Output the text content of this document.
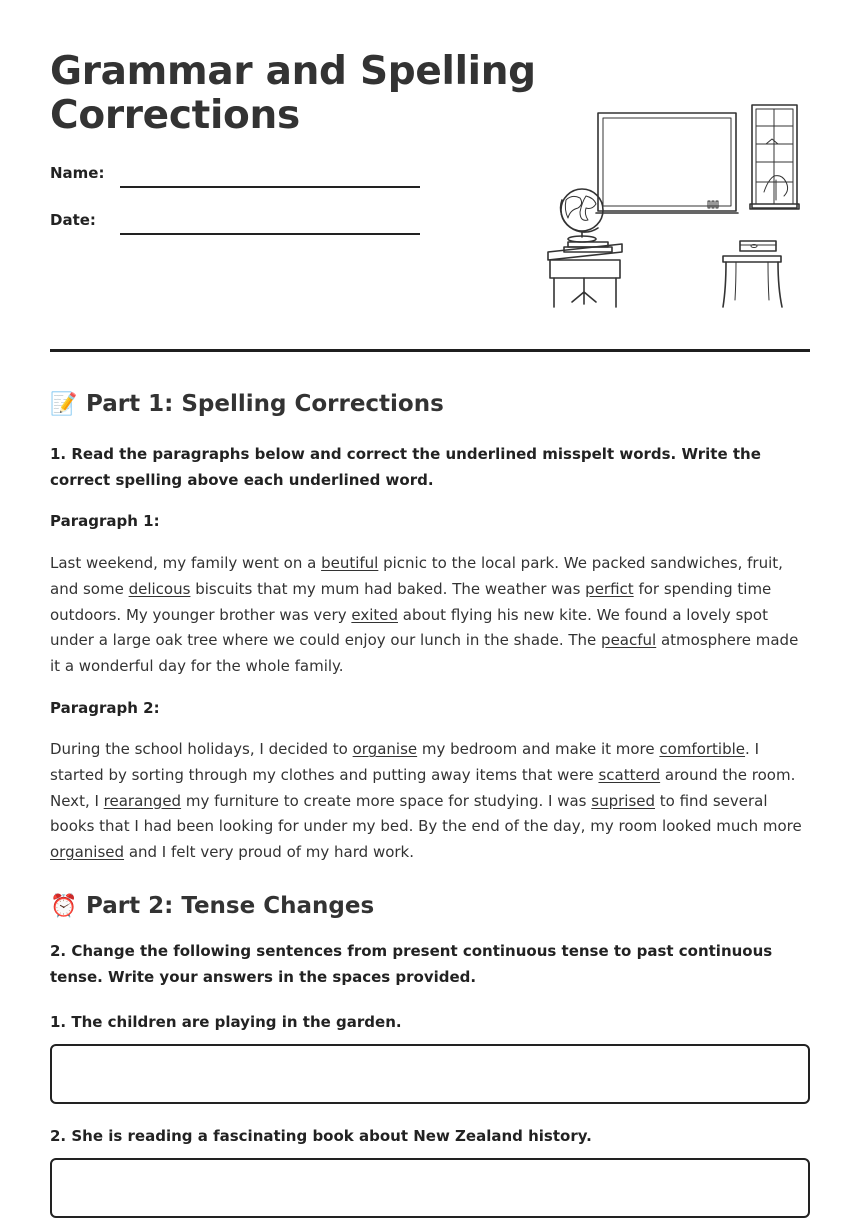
Grammar and Spelling
Corrections
Name:
Date:
📝 Part 1: Spelling Corrections
1. Read the paragraphs below and correct the underlined misspelt words. Write the correct spelling above each underlined word.
Paragraph 1:

Last weekend, my family went on a beutiful picnic to the local park. We packed sandwiches, fruit, and some delicous biscuits that my mum had baked. The weather was perfict for spending time outdoors. My younger brother was very exited about flying his new kite. We found a lovely spot under a large oak tree where we could enjoy our lunch in the shade. The peacful atmosphere made it a wonderful day for the whole family.

Paragraph 2:

During the school holidays, I decided to organise my bedroom and make it more comfortible. I started by sorting through my clothes and putting away items that were scatterd around the room. Next, I rearanged my furniture to create more space for studying. I was suprised to find several books that I had been looking for under my bed. By the end of the day, my room looked much more organised and I felt very proud of my hard work.

⏰ Part 2: Tense Changes
2. Change the following sentences from present continuous tense to past continuous tense. Write your answers in the spaces provided.
1. The children are playing in the garden.
2. She is reading a fascinating book about New Zealand history.
